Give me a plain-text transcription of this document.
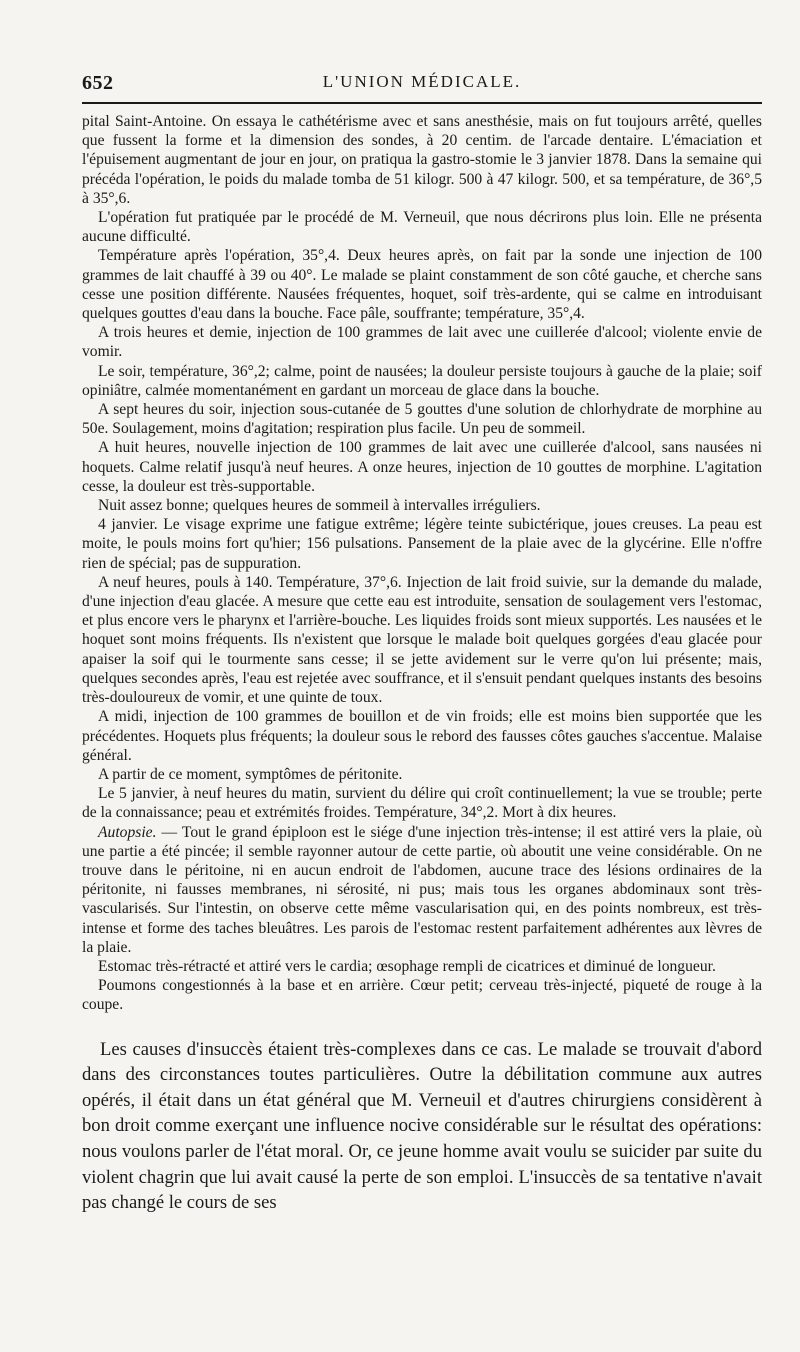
652	L'UNION MÉDICALE.

pital Saint-Antoine. On essaya le cathétérisme avec et sans anesthésie, mais on fut toujours arrêté, quelles que fussent la forme et la dimension des sondes, à 20 centim. de l'arcade dentaire. L'émaciation et l'épuisement augmentant de jour en jour, on pratiqua la gastro-stomie le 3 janvier 1878. Dans la semaine qui précéda l'opération, le poids du malade tomba de 51 kilogr. 500 à 47 kilogr. 500, et sa température, de 36°,5 à 35°,6.

L'opération fut pratiquée par le procédé de M. Verneuil, que nous décrirons plus loin. Elle ne présenta aucune difficulté.

Température après l'opération, 35°,4. Deux heures après, on fait par la sonde une injection de 100 grammes de lait chauffé à 39 ou 40°. Le malade se plaint constamment de son côté gauche, et cherche sans cesse une position différente. Nausées fréquentes, hoquet, soif très-ardente, qui se calme en introduisant quelques gouttes d'eau dans la bouche. Face pâle, souffrante; température, 35°,4.

A trois heures et demie, injection de 100 grammes de lait avec une cuillerée d'alcool; violente envie de vomir.

Le soir, température, 36°,2; calme, point de nausées; la douleur persiste toujours à gauche de la plaie; soif opiniâtre, calmée momentanément en gardant un morceau de glace dans la bouche.

A sept heures du soir, injection sous-cutanée de 5 gouttes d'une solution de chlorhydrate de morphine au 50e. Soulagement, moins d'agitation; respiration plus facile. Un peu de sommeil.

A huit heures, nouvelle injection de 100 grammes de lait avec une cuillerée d'alcool, sans nausées ni hoquets. Calme relatif jusqu'à neuf heures. A onze heures, injection de 10 gouttes de morphine. L'agitation cesse, la douleur est très-supportable.

Nuit assez bonne; quelques heures de sommeil à intervalles irréguliers.

4 janvier. Le visage exprime une fatigue extrême; légère teinte subictérique, joues creuses. La peau est moite, le pouls moins fort qu'hier; 156 pulsations. Pansement de la plaie avec de la glycérine. Elle n'offre rien de spécial; pas de suppuration.

A neuf heures, pouls à 140. Température, 37°,6. Injection de lait froid suivie, sur la demande du malade, d'une injection d'eau glacée. A mesure que cette eau est introduite, sensation de soulagement vers l'estomac, et plus encore vers le pharynx et l'arrière-bouche. Les liquides froids sont mieux supportés. Les nausées et le hoquet sont moins fréquents. Ils n'existent que lorsque le malade boit quelques gorgées d'eau glacée pour apaiser la soif qui le tourmente sans cesse; il se jette avidement sur le verre qu'on lui présente; mais, quelques secondes après, l'eau est rejetée avec souffrance, et il s'ensuit pendant quelques instants des besoins très-douloureux de vomir, et une quinte de toux.

A midi, injection de 100 grammes de bouillon et de vin froids; elle est moins bien supportée que les précédentes. Hoquets plus fréquents; la douleur sous le rebord des fausses côtes gauches s'accentue. Malaise général.

A partir de ce moment, symptômes de péritonite.

Le 5 janvier, à neuf heures du matin, survient du délire qui croît continuellement; la vue se trouble; perte de la connaissance; peau et extrémités froides. Température, 34°,2. Mort à dix heures.

Autopsie. — Tout le grand épiploon est le siége d'une injection très-intense; il est attiré vers la plaie, où une partie a été pincée; il semble rayonner autour de cette partie, où aboutit une veine considérable. On ne trouve dans le péritoine, ni en aucun endroit de l'abdomen, aucune trace des lésions ordinaires de la péritonite, ni fausses membranes, ni sérosité, ni pus; mais tous les organes abdominaux sont très-vascularisés. Sur l'intestin, on observe cette même vascularisation qui, en des points nombreux, est très-intense et forme des taches bleuâtres. Les parois de l'estomac restent parfaitement adhérentes aux lèvres de la plaie.

Estomac très-rétracté et attiré vers le cardia; œsophage rempli de cicatrices et diminué de longueur.

Poumons congestionnés à la base et en arrière. Cœur petit; cerveau très-injecté, piqueté de rouge à la coupe.

Les causes d'insuccès étaient très-complexes dans ce cas. Le malade se trouvait d'abord dans des circonstances toutes particulières. Outre la débilitation commune aux autres opérés, il était dans un état général que M. Verneuil et d'autres chirurgiens considèrent à bon droit comme exerçant une influence nocive considérable sur le résultat des opérations: nous voulons parler de l'état moral. Or, ce jeune homme avait voulu se suicider par suite du violent chagrin que lui avait causé la perte de son emploi. L'insuccès de sa tentative n'avait pas changé le cours de ses
